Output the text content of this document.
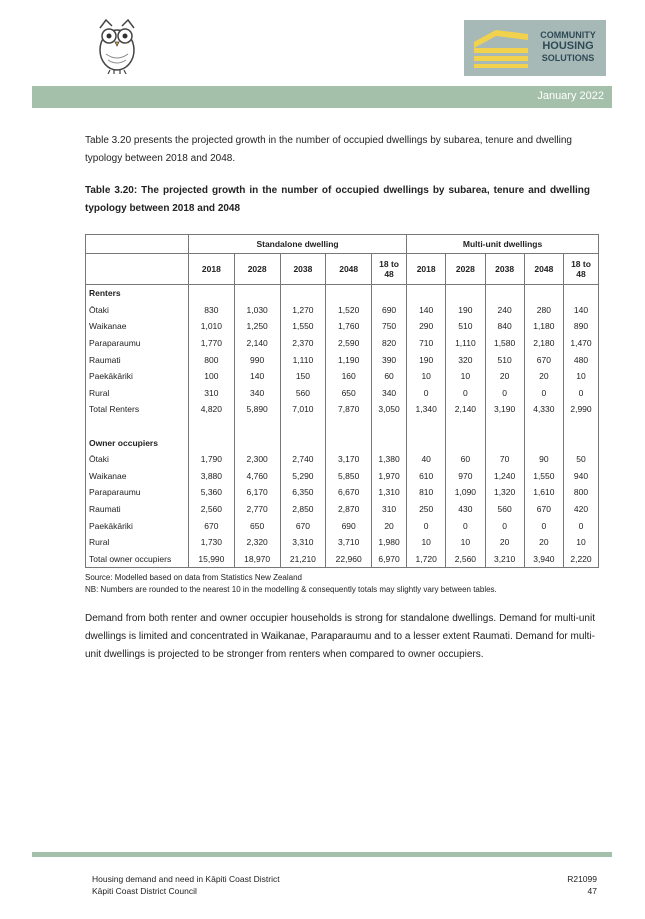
COMMUNITY
HOUSING
SOLUTIONS
January 2022
Table 3.20 presents the projected growth in the number of occupied dwellings by subarea, tenure and dwelling typology between 2018 and 2048.
Table 3.20: The projected growth in the number of occupied dwellings by subarea, tenure and dwelling typology between 2018 and 2048
	Standalone dwelling					Multi-unit dwellings				
	2018	2028	2038	2048	18 to 48	2018	2028	2038	2048	18 to 48
Renters										
Ōtaki	830	1,030	1,270	1,520	690	140	190	240	280	140
Waikanae	1,010	1,250	1,550	1,760	750	290	510	840	1,180	890
Paraparaumu	1,770	2,140	2,370	2,590	820	710	1,110	1,580	2,180	1,470
Raumati	800	990	1,110	1,190	390	190	320	510	670	480
Paekākāriki	100	140	150	160	60	10	10	20	20	10
Rural	310	340	560	650	340	0	0	0	0	0
Total Renters	4,820	5,890	7,010	7,870	3,050	1,340	2,140	3,190	4,330	2,990

Owner occupiers										
Ōtaki	1,790	2,300	2,740	3,170	1,380	40	60	70	90	50
Waikanae	3,880	4,760	5,290	5,850	1,970	610	970	1,240	1,550	940
Paraparaumu	5,360	6,170	6,350	6,670	1,310	810	1,090	1,320	1,610	800
Raumati	2,560	2,770	2,850	2,870	310	250	430	560	670	420
Paekākāriki	670	650	670	690	20	0	0	0	0	0
Rural	1,730	2,320	3,310	3,710	1,980	10	10	20	20	10
Total owner occupiers	15,990	18,970	21,210	22,960	6,970	1,720	2,560	3,210	3,940	2,220
Source: Modelled based on data from Statistics New Zealand
NB: Numbers are rounded to the nearest 10 in the modelling & consequently totals may slightly vary between tables.
Demand from both renter and owner occupier households is strong for standalone dwellings. Demand for multi-unit dwellings is limited and concentrated in Waikanae, Paraparaumu and to a lesser extent Raumati. Demand for multi-unit dwellings is projected to be stronger from renters when compared to owner occupiers.
Housing demand and need in Kāpiti Coast District
Kāpiti Coast District Council
R21099
47
